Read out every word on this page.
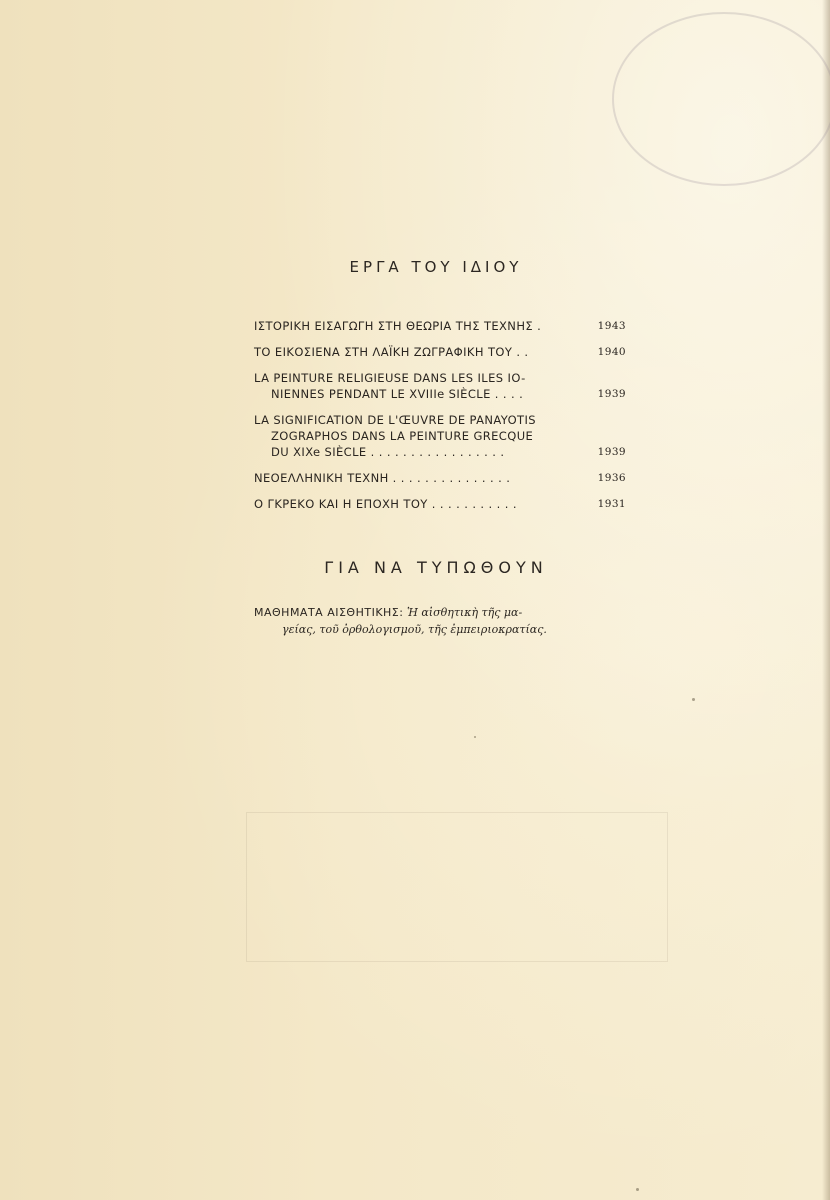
ΕΡΓΑ ΤΟΥ ΙΔΙΟΥ
ΙΣΤΟΡΙΚΗ ΕΙΣΑΓΩΓΗ ΣΤΗ ΘΕΩΡΙΑ ΤΗΣ ΤΕΧΝΗΣ .	1943
ΤΟ ΕΙΚΟΣΙΕΝΑ ΣΤΗ ΛΑΪΚΗ ΖΩΓΡΑΦΙΚΗ ΤΟΥ . .	1940
LA PEINTURE RELIGIEUSE DANS LES ILES IO-
NIENNES PENDANT LE XVIIIe SIÈCLE . . . .	1939
LA SIGNIFICATION DE L'ŒUVRE DE PANAYOTIS
ZOGRAPHOS DANS LA PEINTURE GRECQUE
DU XIXe SIÈCLE . . . . . . . . . . . . . . . . .	1939
ΝΕΟΕΛΛΗΝΙΚΗ ΤΕΧΝΗ . . . . . . . . . . . . . . .	1936
Ο ΓΚΡΕΚΟ ΚΑΙ Η ΕΠΟΧΗ ΤΟΥ . . . . . . . . . . .	1931
ΓΙΑ ΝΑ ΤΥΠΩΘΟΥΝ
ΜΑΘΗΜΑΤΑ ΑΙΣΘΗΤΙΚΗΣ: Ἡ αἰσθητικὴ τῆς μα-
γείας, τοῦ ὀρθολογισμοῦ, τῆς ἐμπειριοκρατίας.
